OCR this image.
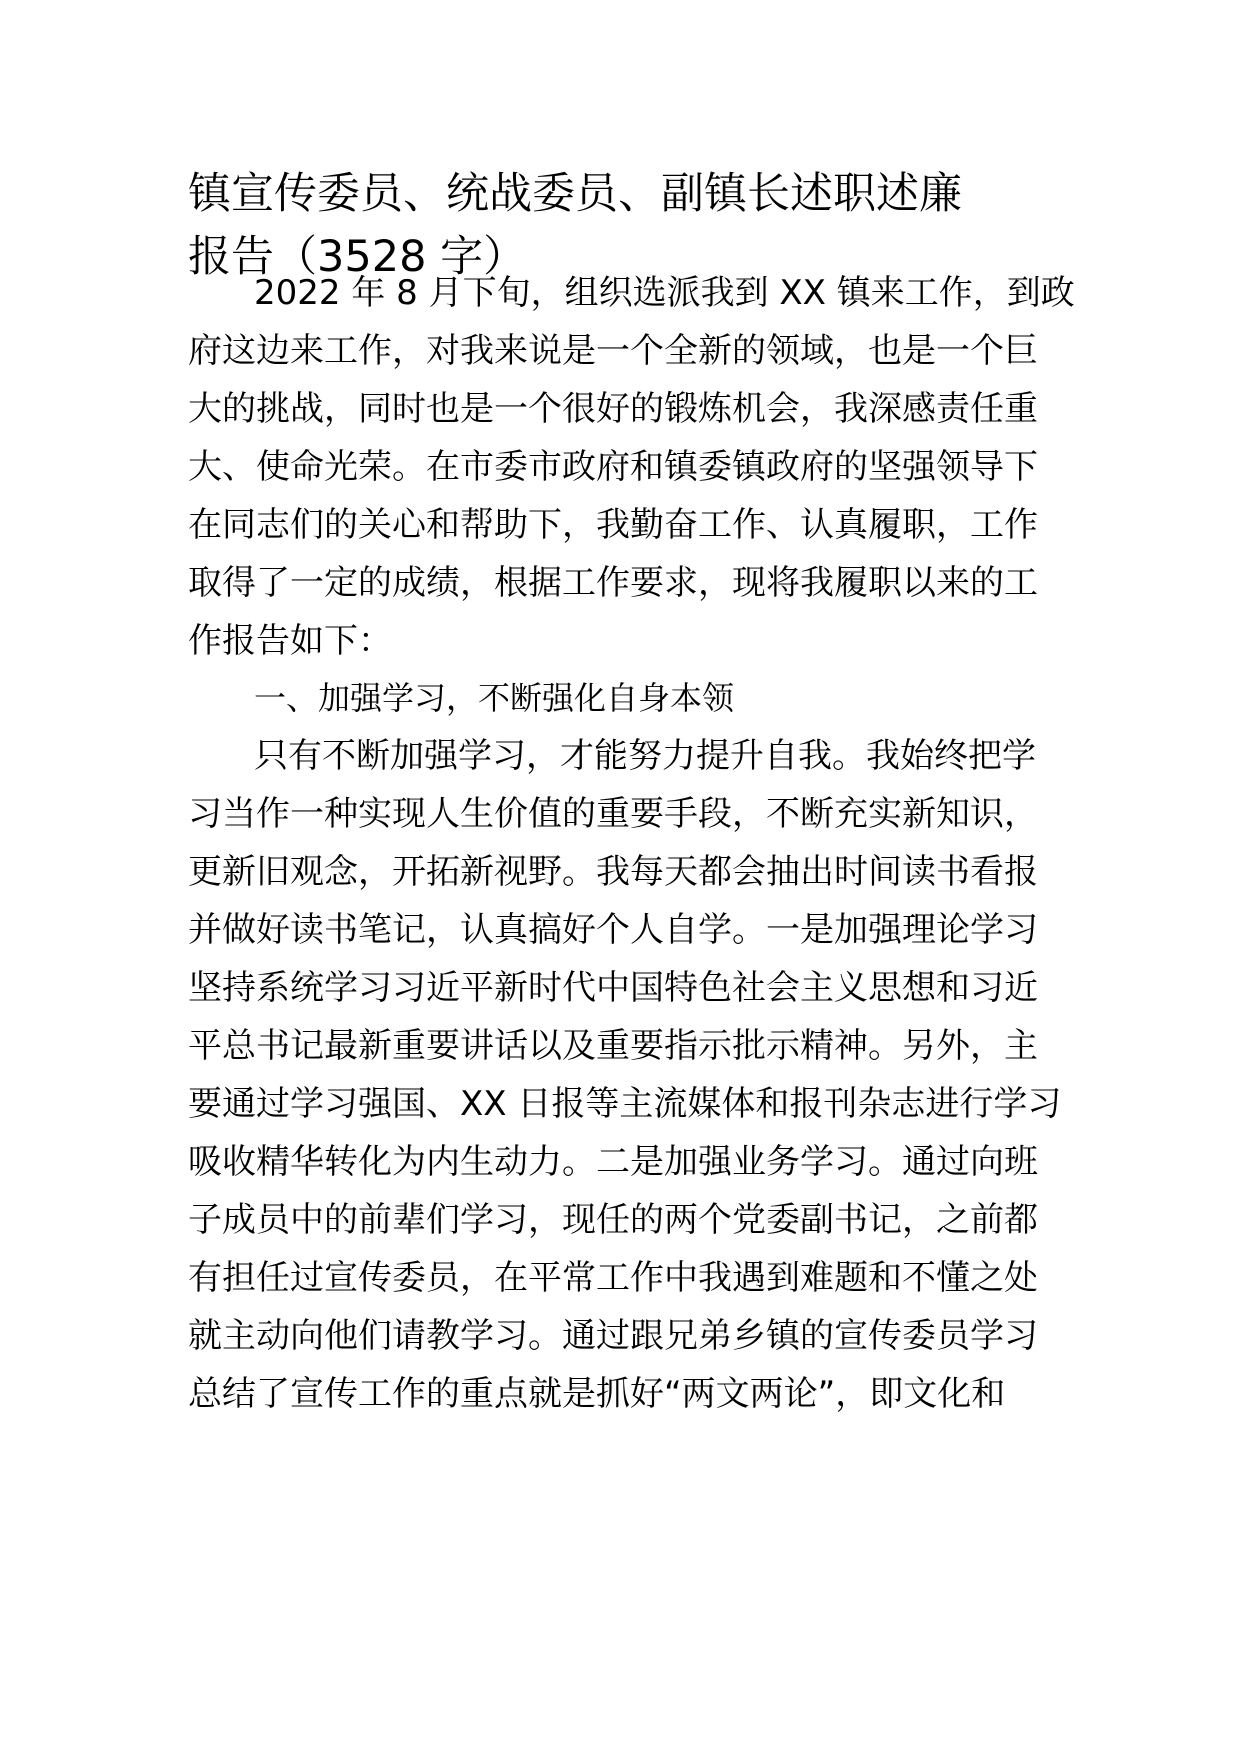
镇宣传委员、统战委员、副镇长述职述廉
报告（3528 字）
2022 年 8 月下旬，组织选派我到 XX 镇来工作，到政
府这边来工作，对我来说是一个全新的领域，也是一个巨
大的挑战，同时也是一个很好的锻炼机会，我深感责任重
大、使命光荣。在市委市政府和镇委镇政府的坚强领导下
在同志们的关心和帮助下，我勤奋工作、认真履职，工作
取得了一定的成绩，根据工作要求，现将我履职以来的工
作报告如下：
一、加强学习，不断强化自身本领
只有不断加强学习，才能努力提升自我。我始终把学
习当作一种实现人生价值的重要手段，不断充实新知识，
更新旧观念，开拓新视野。我每天都会抽出时间读书看报
并做好读书笔记，认真搞好个人自学。一是加强理论学习
坚持系统学习习近平新时代中国特色社会主义思想和习近
平总书记最新重要讲话以及重要指示批示精神。另外，主
要通过学习强国、XX 日报等主流媒体和报刊杂志进行学习
吸收精华转化为内生动力。二是加强业务学习。通过向班
子成员中的前辈们学习，现任的两个党委副书记，之前都
有担任过宣传委员，在平常工作中我遇到难题和不懂之处
就主动向他们请教学习。通过跟兄弟乡镇的宣传委员学习
总结了宣传工作的重点就是抓好“两文两论”，即文化和
